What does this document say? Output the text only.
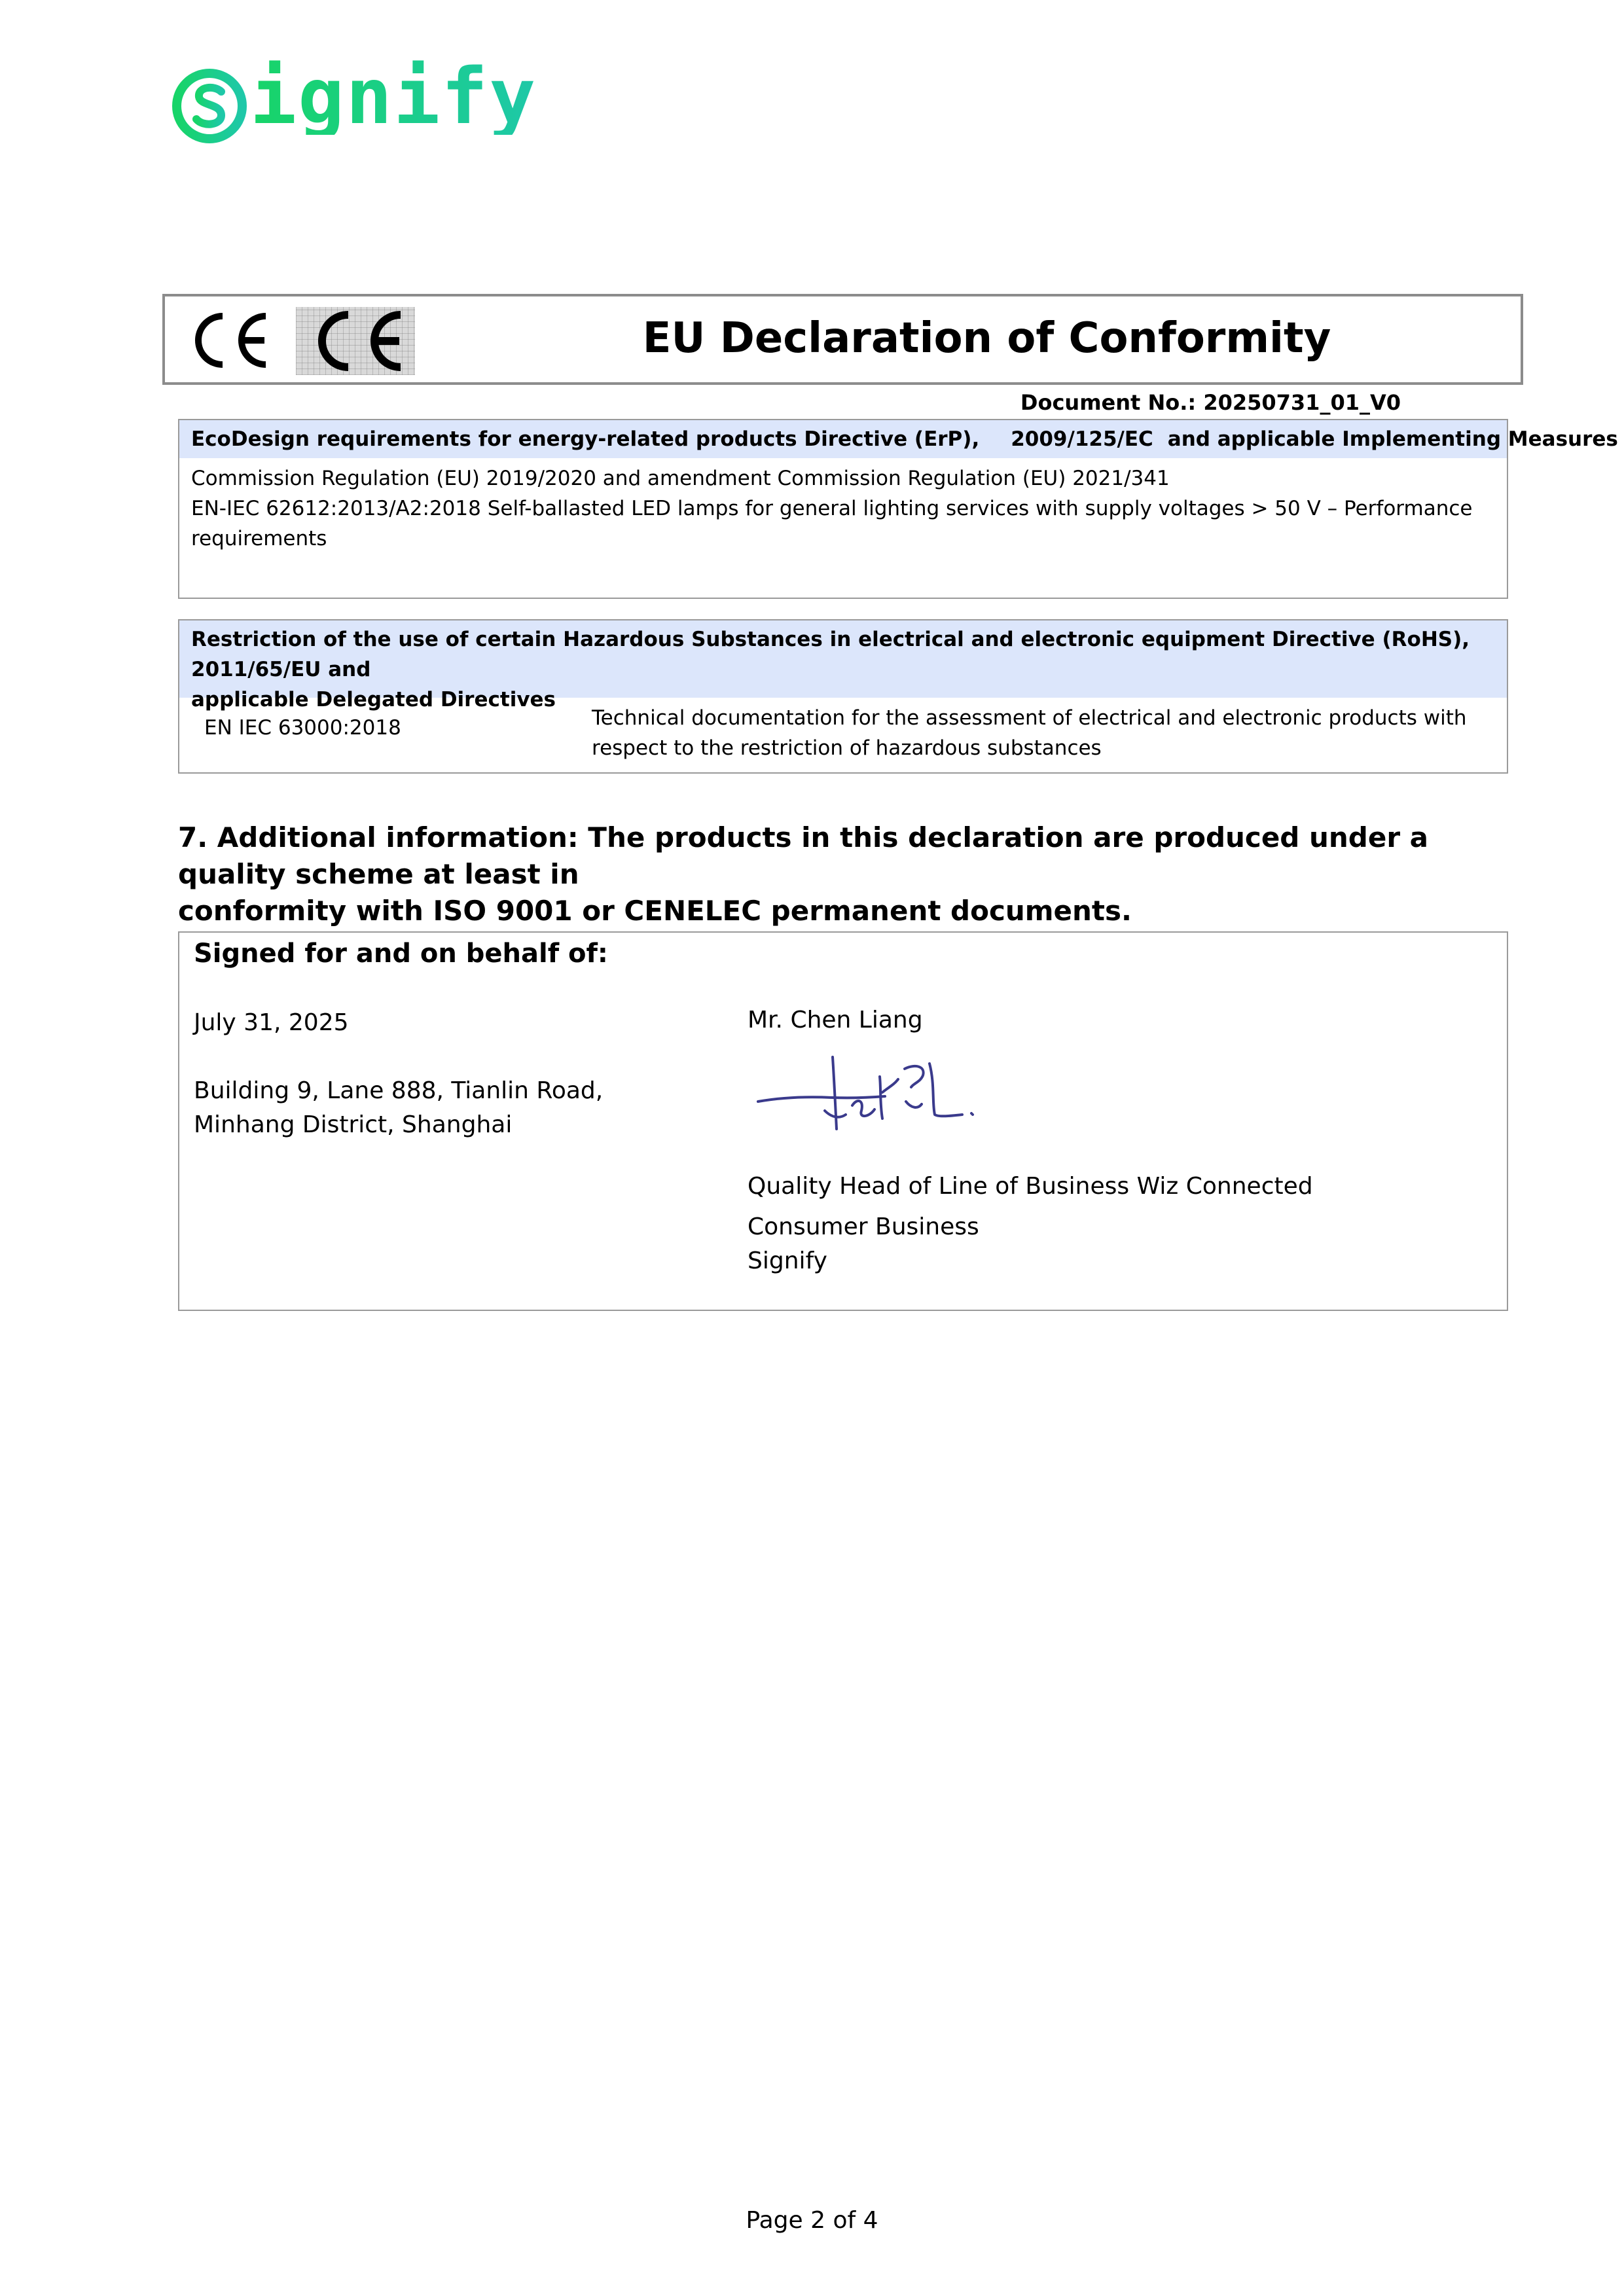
ignify
EU Declaration of Conformity
Document No.: 20250731_01_V0
EcoDesign requirements for energy-related products Directive (ErP), 2009/125/EC and applicable Implementing Measures
Commission Regulation (EU) 2019/2020 and amendment Commission Regulation (EU) 2021/341
EN-IEC 62612:2013/A2:2018 Self-ballasted LED lamps for general lighting services with supply voltages > 50 V – Performance
requirements
Restriction of the use of certain Hazardous Substances in electrical and electronic equipment Directive (RoHS), 2011/65/EU and
applicable Delegated Directives
EN IEC 63000:2018	Technical documentation for the assessment of electrical and electronic products with
respect to the restriction of hazardous substances
7. Additional information: The products in this declaration are produced under a quality scheme at least in
conformity with ISO 9001 or CENELEC permanent documents.
Signed for and on behalf of:
July 31, 2025
Building 9, Lane 888, Tianlin Road,
Minhang District, Shanghai
Mr. Chen Liang
Quality Head of Line of Business Wiz Connected
Consumer Business
Signify
Page 2 of 4
